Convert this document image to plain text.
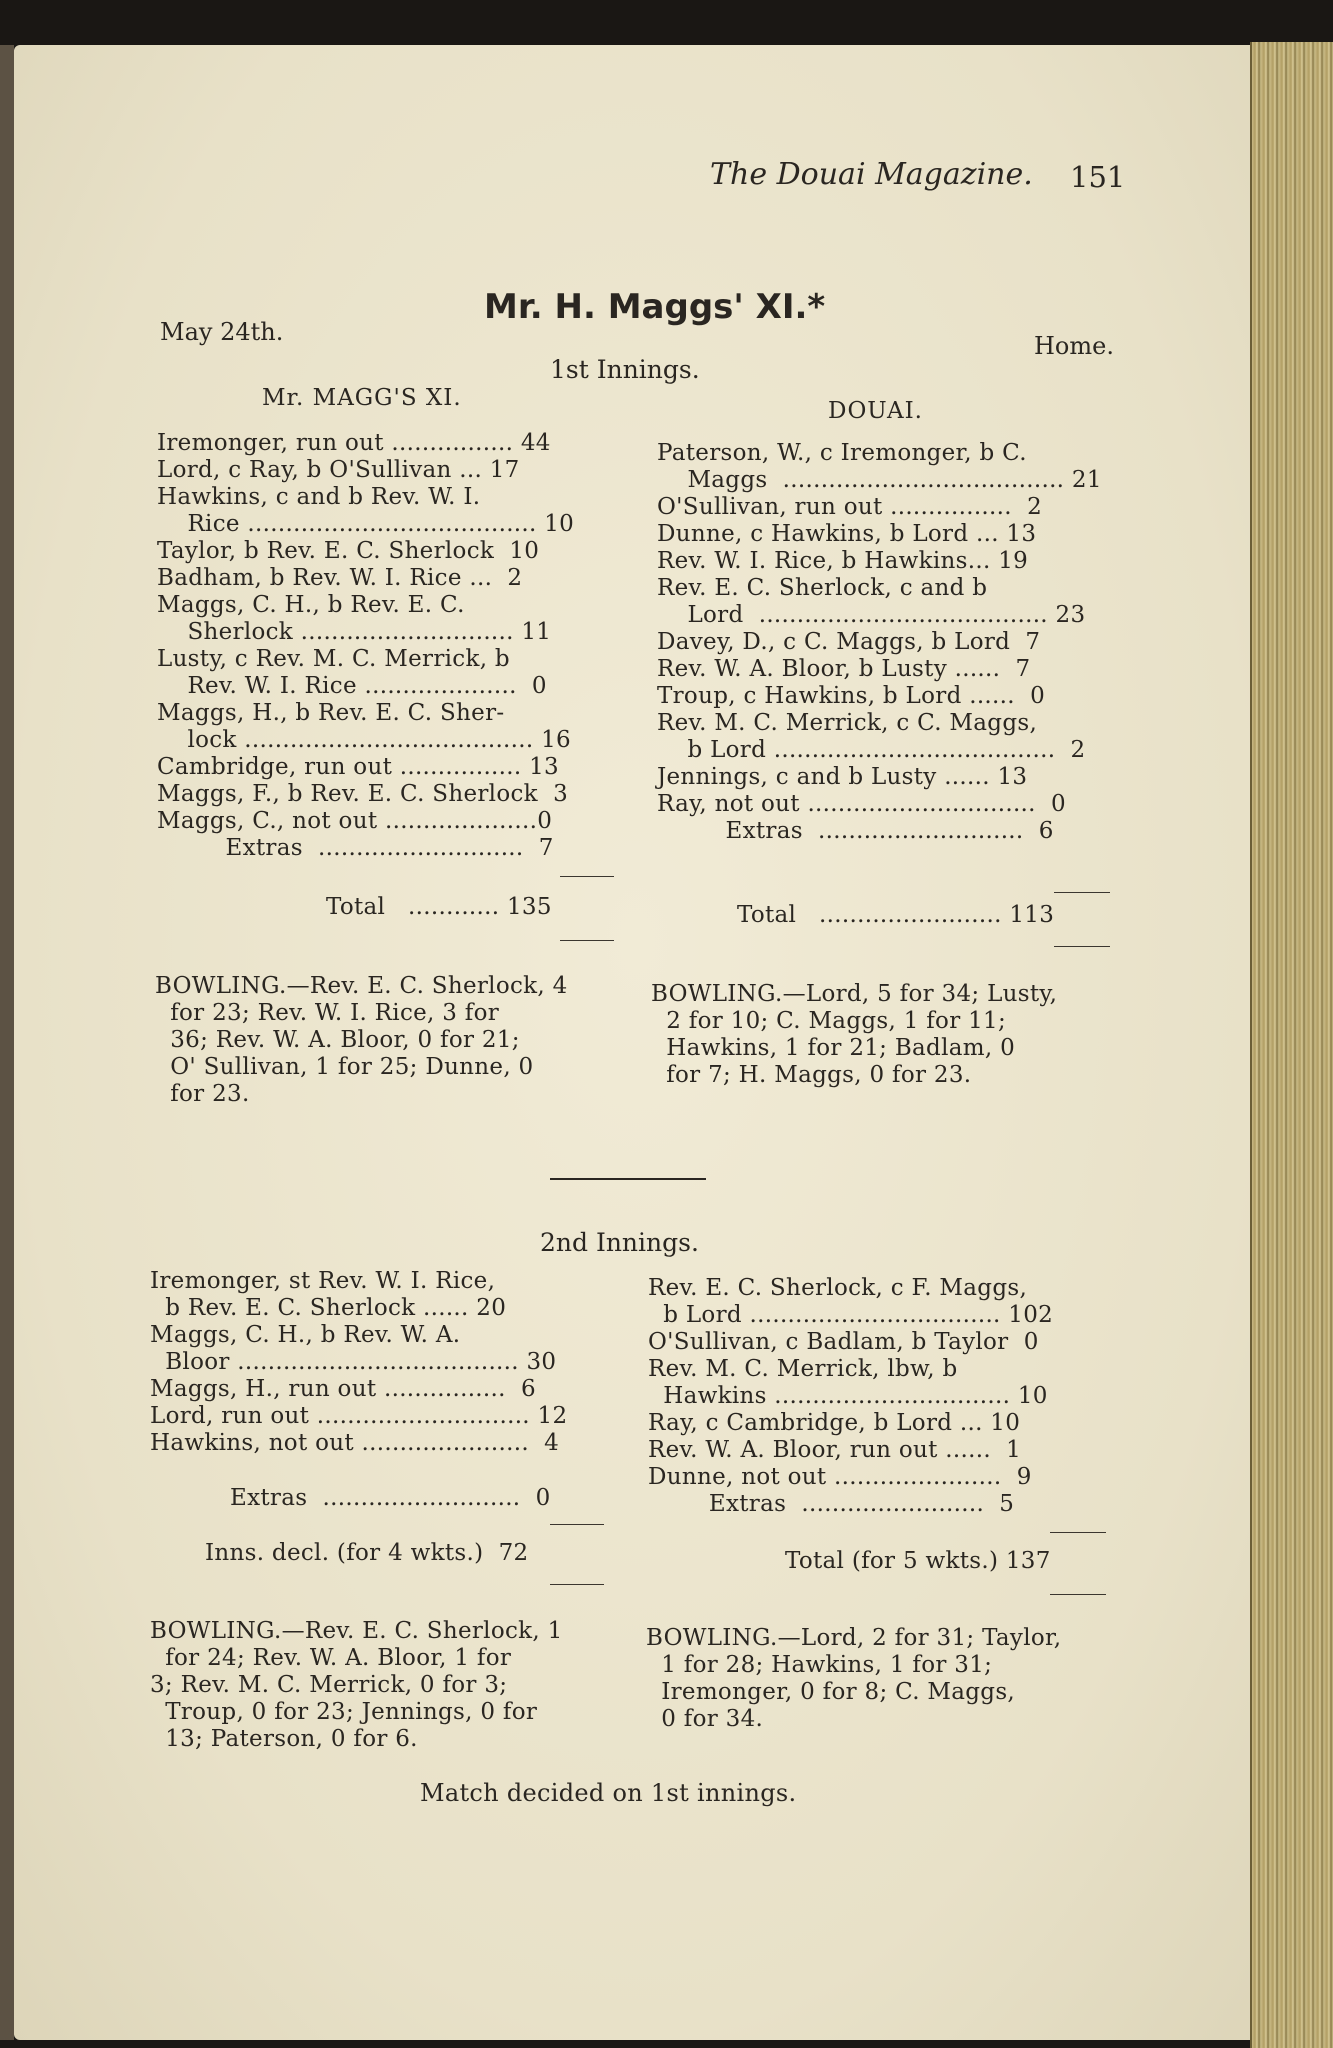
The Douai Magazine. 151
Mr. H. Maggs' XI.*
May 24th.	Home.
1st Innings.
Mr. MAGG'S XI.
Iremonger, run out ................ 44
Lord, c Ray, b O'Sullivan ... 17
Hawkins, c and b Rev. W. I.
Rice ...................................... 10
Taylor, b Rev. E. C. Sherlock  10
Badham, b Rev. W. I. Rice ...  2
Maggs, C. H., b Rev. E. C.
Sherlock ............................ 11
Lusty, c Rev. M. C. Merrick, b
Rev. W. I. Rice ....................  0
Maggs, H., b Rev. E. C. Sher-
lock ...................................... 16
Cambridge, run out ................ 13
Maggs, F., b Rev. E. C. Sherlock  3
Maggs, C., not out ....................0
Extras  ...........................  7
Total   ............ 135
BOWLING.—Rev. E. C. Sherlock, 4
for 23; Rev. W. I. Rice, 3 for
36; Rev. W. A. Bloor, 0 for 21;
O' Sullivan, 1 for 25; Dunne, 0
for 23.
DOUAI.
Paterson, W., c Iremonger, b C.
Maggs  ..................................... 21
O'Sullivan, run out ................  2
Dunne, c Hawkins, b Lord ... 13
Rev. W. I. Rice, b Hawkins... 19
Rev. E. C. Sherlock, c and b
Lord  ...................................... 23
Davey, D., c C. Maggs, b Lord  7
Rev. W. A. Bloor, b Lusty ......  7
Troup, c Hawkins, b Lord ......  0
Rev. M. C. Merrick, c C. Maggs,
b Lord .....................................  2
Jennings, c and b Lusty ...... 13
Ray, not out ..............................  0
Extras  ...........................  6
Total   ........................ 113
BOWLING.—Lord, 5 for 34; Lusty,
2 for 10; C. Maggs, 1 for 11;
Hawkins, 1 for 21; Badlam, 0
for 7; H. Maggs, 0 for 23.
2nd Innings.
Iremonger, st Rev. W. I. Rice,
b Rev. E. C. Sherlock ...... 20
Maggs, C. H., b Rev. W. A.
Bloor ..................................... 30
Maggs, H., run out ................  6
Lord, run out ............................ 12
Hawkins, not out ......................  4
Extras  ..........................  0
Inns. decl. (for 4 wkts.)  72
BOWLING.—Rev. E. C. Sherlock, 1
for 24; Rev. W. A. Bloor, 1 for
3; Rev. M. C. Merrick, 0 for 3;
Troup, 0 for 23; Jennings, 0 for
13; Paterson, 0 for 6.
Rev. E. C. Sherlock, c F. Maggs,
b Lord ................................. 102
O'Sullivan, c Badlam, b Taylor  0
Rev. M. C. Merrick, lbw, b
Hawkins ............................... 10
Ray, c Cambridge, b Lord ... 10
Rev. W. A. Bloor, run out ......  1
Dunne, not out ......................  9
Extras  ........................  5
Total (for 5 wkts.) 137
BOWLING.—Lord, 2 for 31; Taylor,
1 for 28; Hawkins, 1 for 31;
Iremonger, 0 for 8; C. Maggs,
0 for 34.
Match decided on 1st innings.
